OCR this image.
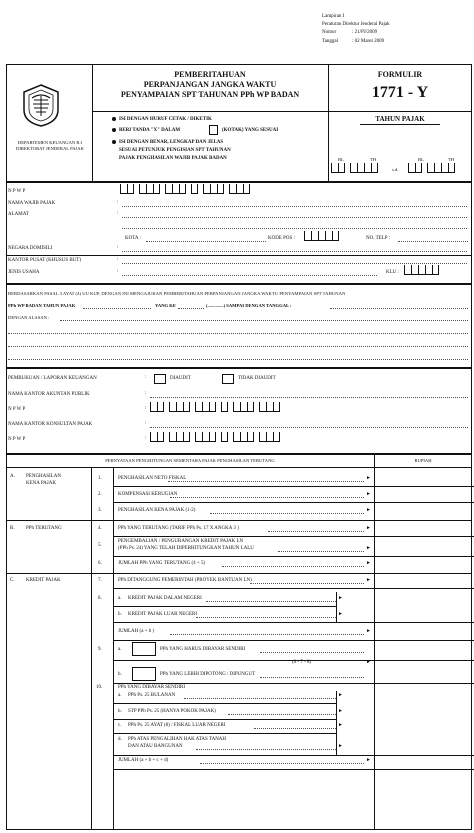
Lampiran I
Peraturan Direktur Jenderal Pajak
Nomor	: 21/PJ/2009
Tanggal	: 02 Maret 2009
DEPARTEMEN KEUANGAN R.I
DIREKTORAT JENDERAL PAJAK
PEMBERITAHUAN
PERPANJANGAN JANGKA WAKTU
PENYAMPAIAN SPT TAHUNAN PPh WP BADAN
FORMULIR
1771 - Y
ISI DENGAN HURUF CETAK / DIKETIK
BERI TANDA "X" DALAM	(KOTAK) YANG SESUAI
ISI DENGAN BENAR, LENGKAP DAN JELAS
SESUAI PETUNJUK PENGISIAN SPT TAHUNAN
PAJAK PENGHASILAN WAJIB PAJAK BADAN
TAHUN PAJAK
BL	TH
s.d.
BL	TH
N P W P
NAMA WAJIB PAJAK	:
ALAMAT	:
KOTA :	KODE POS :	NO. TELP :
NEGARA DOMISILI	:
KANTOR PUSAT (KHUSUS BUT)	:
JENIS USAHA	:	KLU :
BERDASARKAN PASAL 3 AYAT (4) UU KUP, DENGAN INI MENGAJUKAN PEMBERITAHUAN PERPANJANGAN JANGKA WAKTU PENYAMPAIAN SPT TAHUNAN
PPh WP BADAN TAHUN PAJAK	YANG KE	(..............) SAMPAI DENGAN TANGGAL :
DENGAN ALASAN :
PEMBUKUAN / LAPORAN KEUANGAN	:	DIAUDIT	TIDAK DIAUDIT
NAMA KANTOR AKUNTAN PUBLIK	:
N P W P	:
NAMA KANTOR KONSULTAN PAJAK	:
N P W P	:
PERNYATAAN PENGHITUNGAN SEMENTARA PAJAK PENGHASILAN TERUTANG	RUPIAH
A. PENGHASILAN
KENA PAJAK
1.	PENGHASILAN NETO FISKAL	►
2.	KOMPENSASI KERUGIAN	►
3.	PENGHASILAN KENA PAJAK (1-2)	►
B. PPh TERUTANG	4.	PPh YANG TERUTANG (TARIF PPh Ps. 17 X ANGKA 3 )	►
5.
PENGEMBALIAN / PENGURANGAN KREDIT PAJAK LN
(PPh Ps. 24) YANG TELAH DIPERHITUNGKAN TAHUN LALU	►
6.	JUMLAH PPh YANG TERUTANG (4 + 5)	►
C. KREDIT PAJAK	7.	PPh DITANGGUNG PEMERINTAH (PROYEK BANTUAN LN)	►
8.	a. KREDIT PAJAK DALAM NEGERI	►
b. KREDIT PAJAK LUAR NEGERI	►
JUMLAH (a + b )	►
9.	a.	PPh YANG HARUS DIBAYAR SENDIRI
(6 - 7 - 8)	►
b.	PPh YANG LEBIH DIPOTONG / DIPUNGUT
10.	PPh YANG DIBAYAR SENDIRI
a. PPh Ps. 25 BULANAN	►
b. STP PPh Ps. 25 (HANYA POKOK PAJAK)	►
c. PPh Ps. 25 AYAT (8) / FISKAL LUAR NEGERI	►
d. PPh ATAS PENGALIHAN HAK ATAS TANAH
DAN ATAU BANGUNAN	►
JUMLAH (a + b + c + d)	►
